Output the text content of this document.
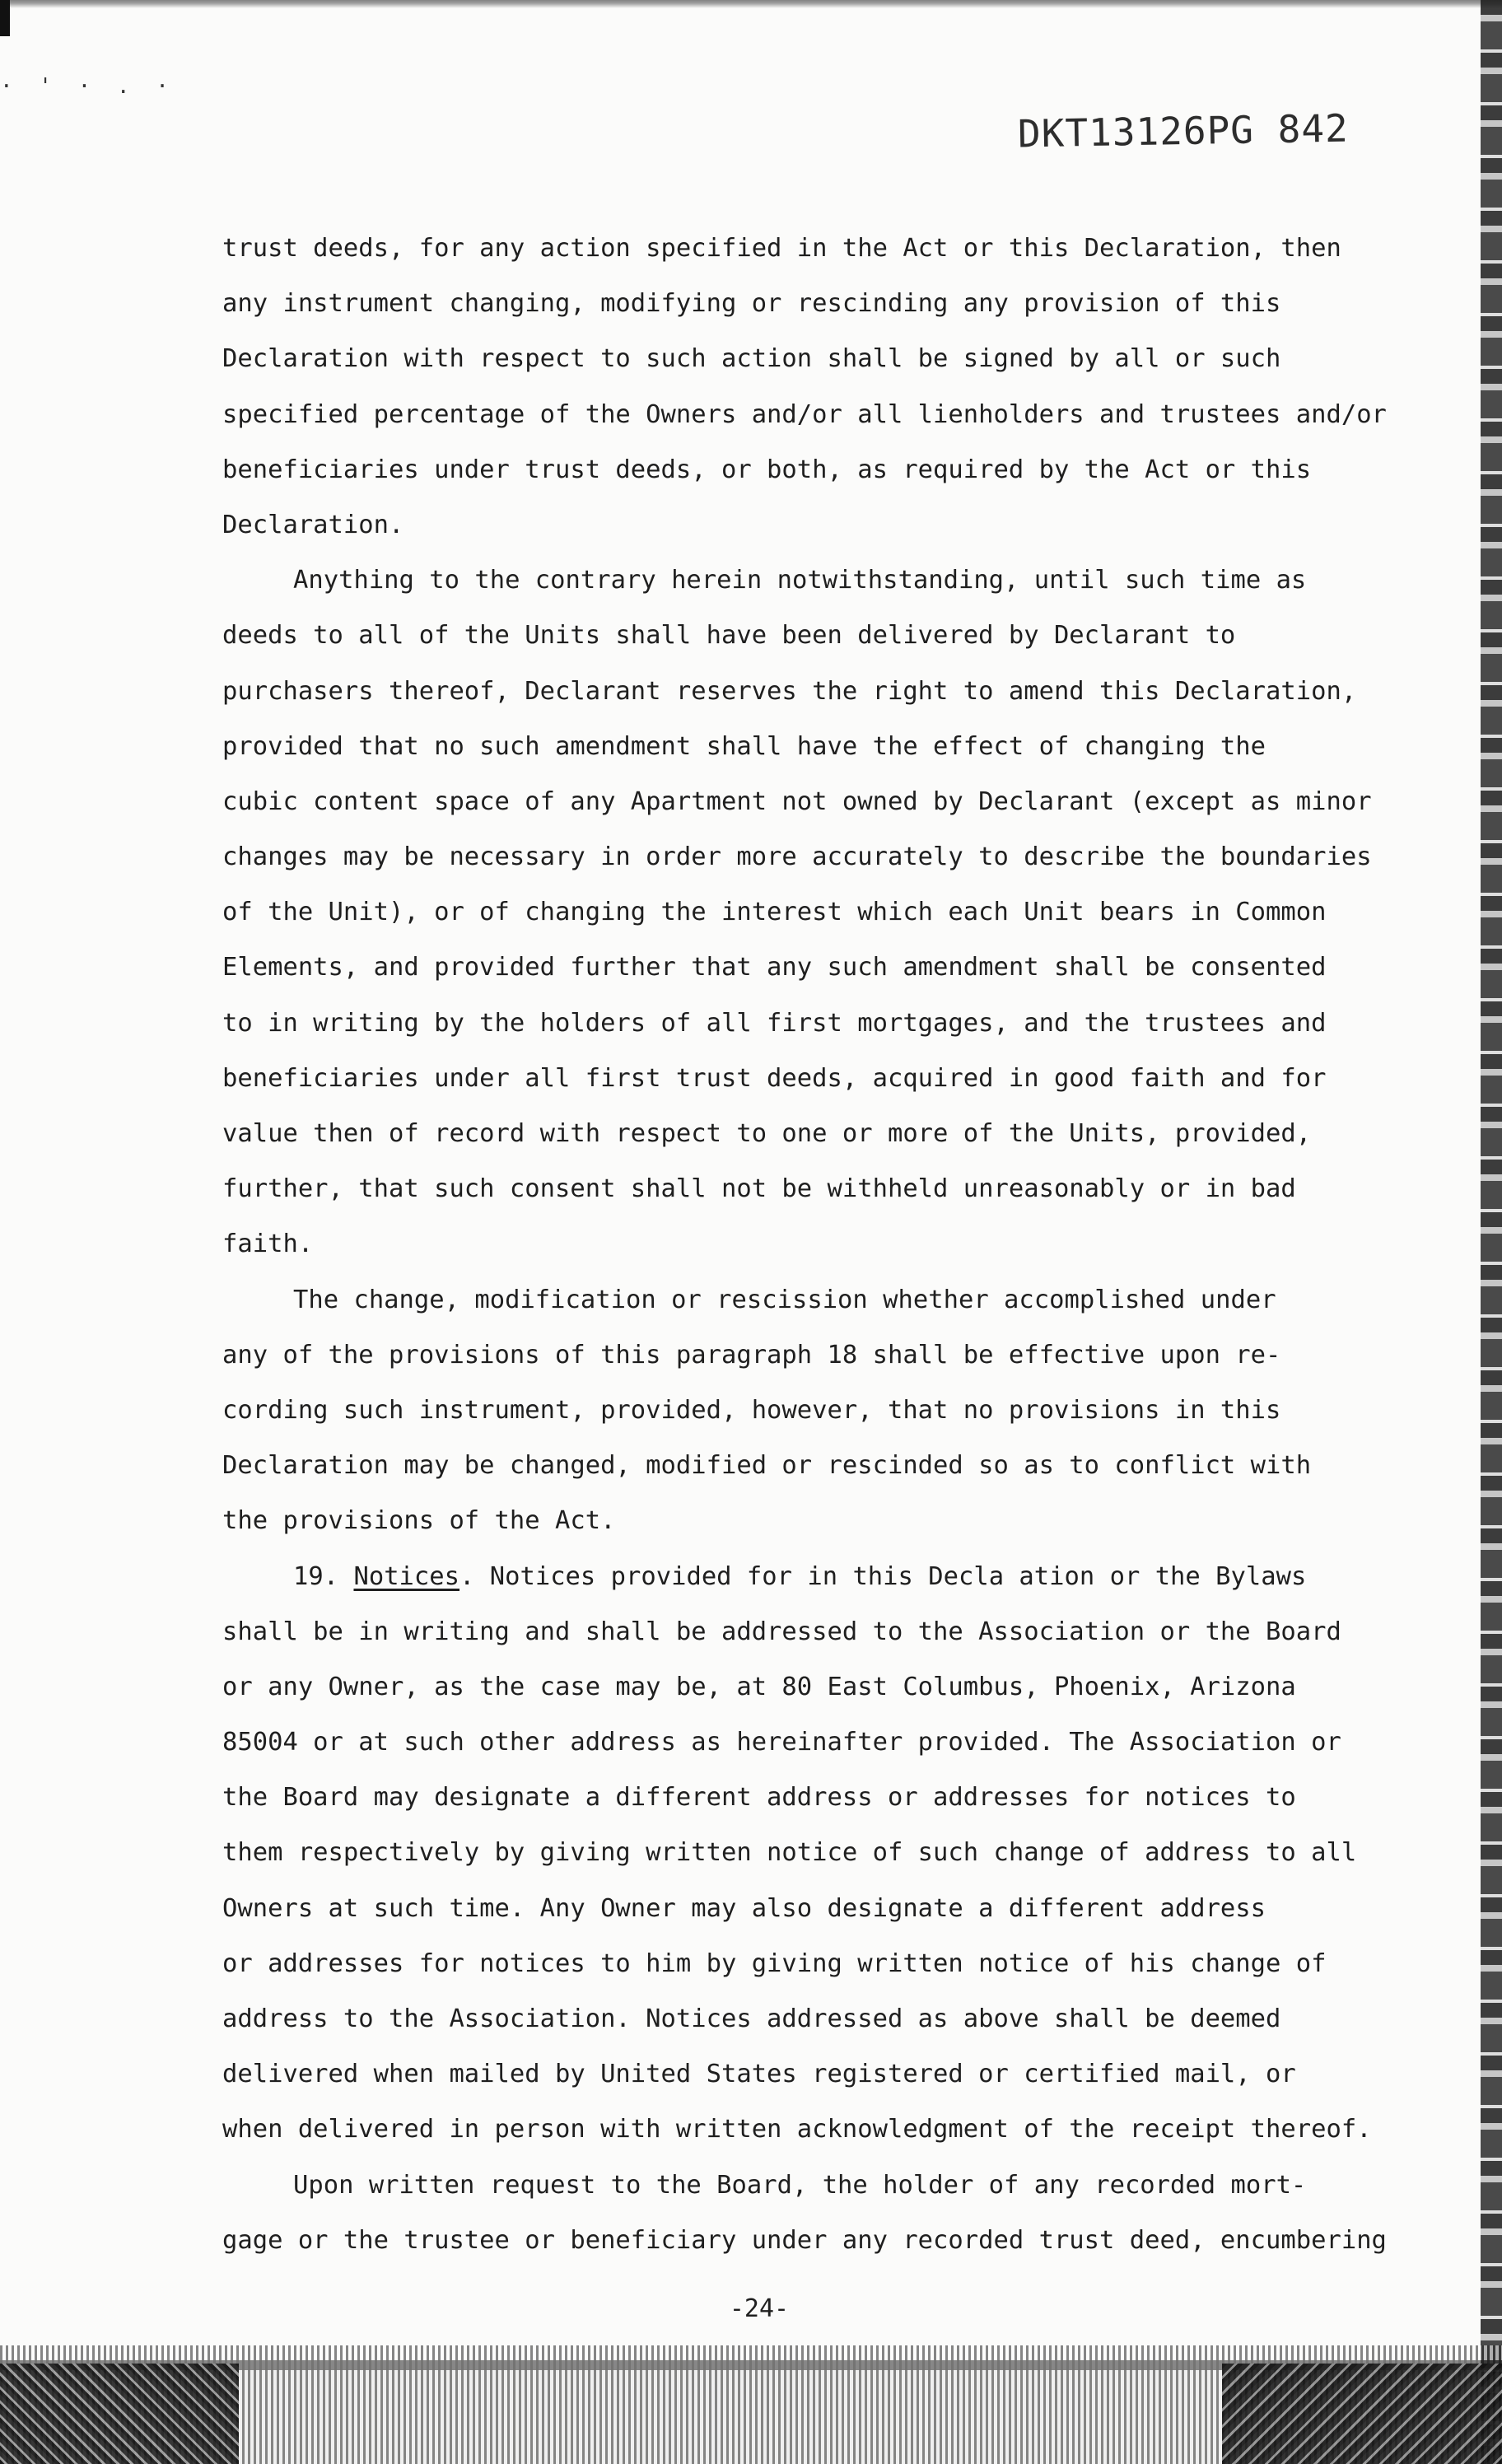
· ' · . ·
DKT13126PG 842
trust deeds, for any action specified in the Act or this Declaration, then
any instrument changing, modifying or rescinding any provision of this
Declaration with respect to such action shall be signed by all or such
specified percentage of the Owners and/or all lienholders and trustees and/or
beneficiaries under trust deeds, or both, as required by the Act or this
Declaration.
Anything to the contrary herein notwithstanding, until such time as
deeds to all of the Units shall have been delivered by Declarant to
purchasers thereof, Declarant reserves the right to amend this Declaration,
provided that no such amendment shall have the effect of changing the
cubic content space of any Apartment not owned by Declarant (except as minor
changes may be necessary in order more accurately to describe the boundaries
of the Unit), or of changing the interest which each Unit bears in Common
Elements, and provided further that any such amendment shall be consented
to in writing by the holders of all first mortgages, and the trustees and
beneficiaries under all first trust deeds, acquired in good faith and for
value then of record with respect to one or more of the Units, provided,
further, that such consent shall not be withheld unreasonably or in bad
faith.
The change, modification or rescission whether accomplished under
any of the provisions of this paragraph 18 shall be effective upon re-
cording such instrument, provided, however, that no provisions in this
Declaration may be changed, modified or rescinded so as to conflict with
the provisions of the Act.
19. Notices. Notices provided for in this Decla ation or the Bylaws
shall be in writing and shall be addressed to the Association or the Board
or any Owner, as the case may be, at 80 East Columbus, Phoenix, Arizona
85004 or at such other address as hereinafter provided. The Association or
the Board may designate a different address or addresses for notices to
them respectively by giving written notice of such change of address to all
Owners at such time. Any Owner may also designate a different address
or addresses for notices to him by giving written notice of his change of
address to the Association. Notices addressed as above shall be deemed
delivered when mailed by United States registered or certified mail, or
when delivered in person with written acknowledgment of the receipt thereof.
Upon written request to the Board, the holder of any recorded mort-
gage or the trustee or beneficiary under any recorded trust deed, encumbering
-24-
